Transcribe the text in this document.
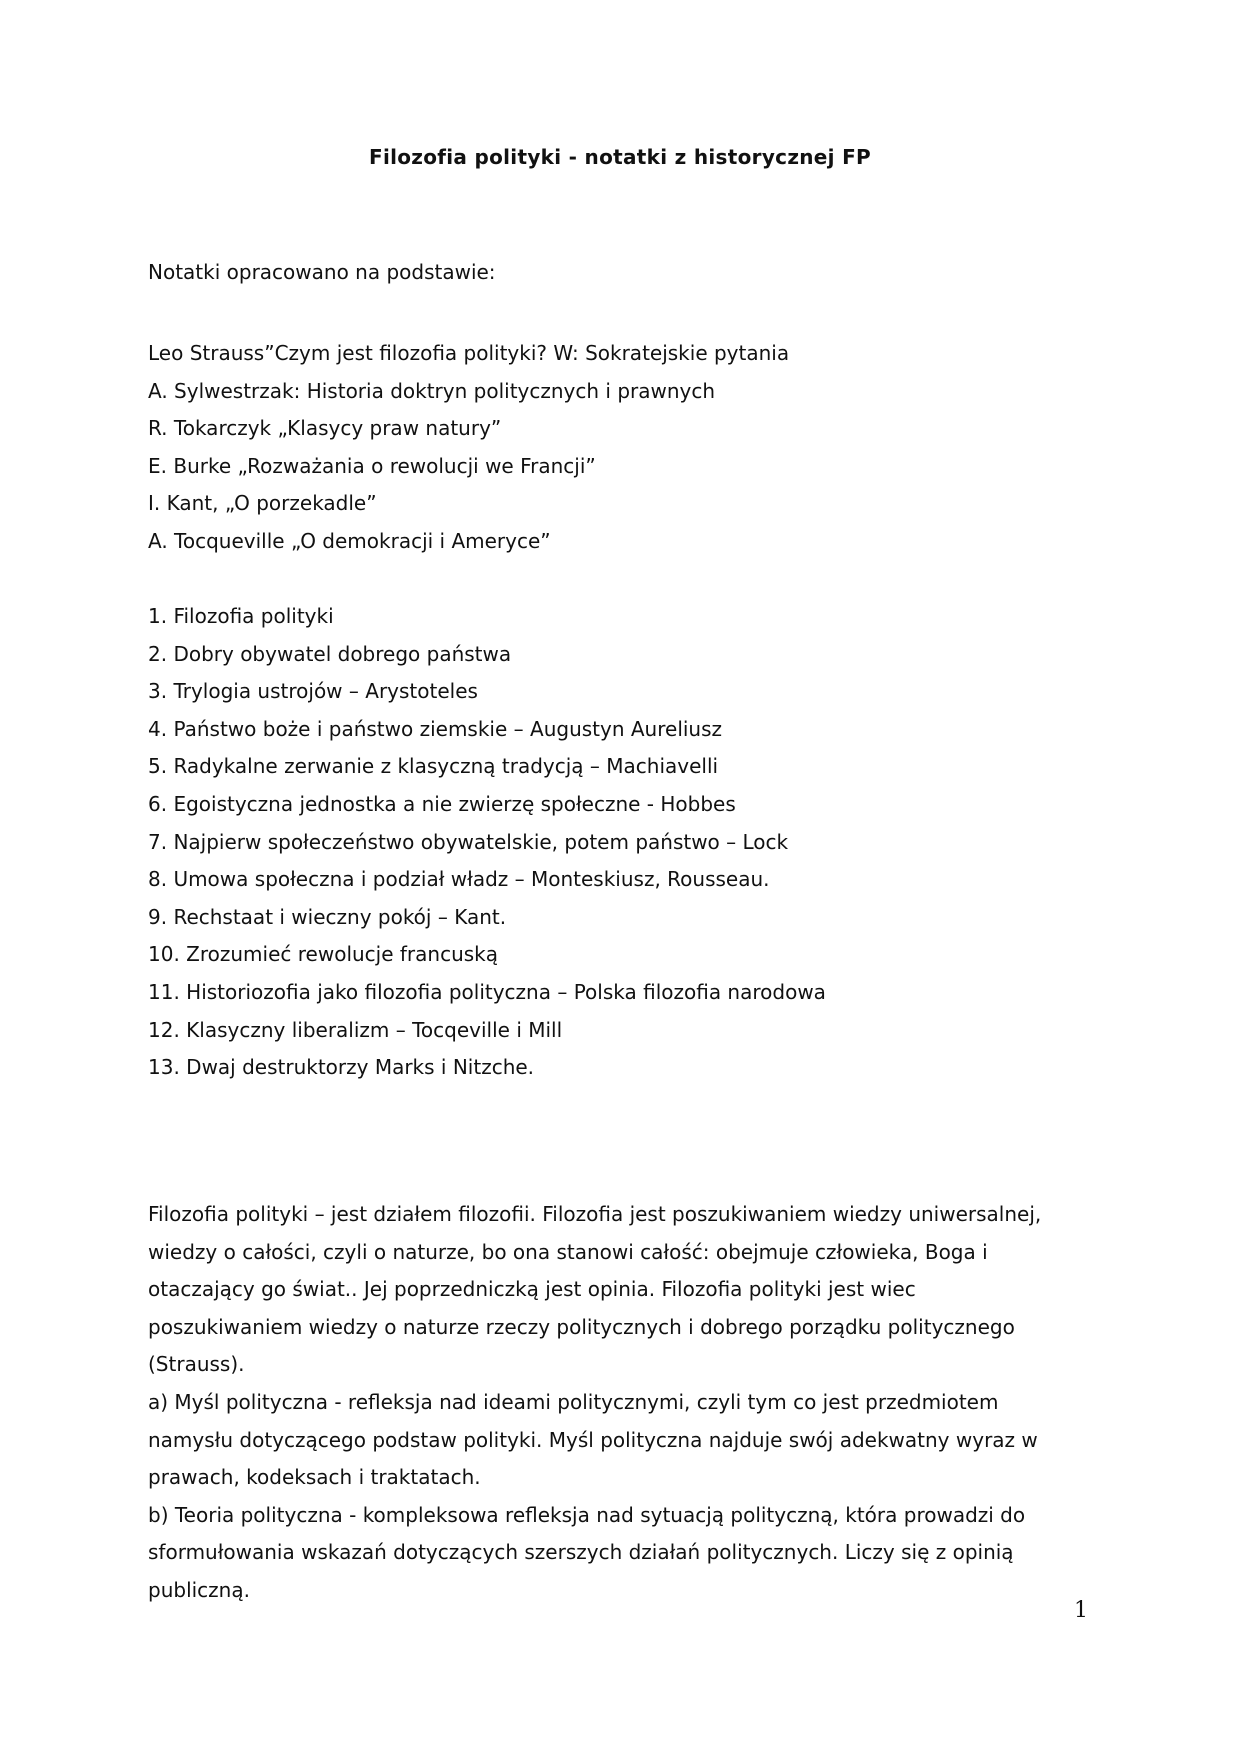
Filozofia polityki - notatki z historycznej FP
Notatki opracowano na podstawie:
Leo Strauss”Czym jest filozofia polityki? W: Sokratejskie pytania
A. Sylwestrzak: Historia doktryn politycznych i prawnych
R. Tokarczyk „Klasycy praw natury”
E. Burke „Rozważania o rewolucji we Francji”
I. Kant, „O porzekadle”
A. Tocqueville „O demokracji i Ameryce”
1. Filozofia polityki
2. Dobry obywatel dobrego państwa
3. Trylogia ustrojów – Arystoteles
4. Państwo boże i państwo ziemskie – Augustyn Aureliusz
5. Radykalne zerwanie z klasyczną tradycją – Machiavelli
6. Egoistyczna jednostka a nie zwierzę społeczne - Hobbes
7. Najpierw społeczeństwo obywatelskie, potem państwo – Lock
8. Umowa społeczna i podział władz – Monteskiusz, Rousseau.
9. Rechstaat i wieczny pokój – Kant.
10. Zrozumieć rewolucje francuską
11. Historiozofia jako filozofia polityczna – Polska filozofia narodowa
12. Klasyczny liberalizm – Tocqeville i Mill
13. Dwaj destruktorzy Marks i Nitzche.
Filozofia polityki – jest działem filozofii. Filozofia jest poszukiwaniem wiedzy uniwersalnej,
wiedzy o całości, czyli o naturze, bo ona stanowi całość: obejmuje człowieka, Boga i
otaczający go świat.. Jej poprzedniczką jest opinia. Filozofia polityki jest wiec
poszukiwaniem wiedzy o naturze rzeczy politycznych i dobrego porządku politycznego
(Strauss).
a) Myśl polityczna - refleksja nad ideami politycznymi, czyli tym co jest przedmiotem
namysłu dotyczącego podstaw polityki. Myśl polityczna najduje swój adekwatny wyraz w
prawach, kodeksach i traktatach.
b) Teoria polityczna - kompleksowa refleksja nad sytuacją polityczną, która prowadzi do
sformułowania wskazań dotyczących szerszych działań politycznych. Liczy się z opinią
publiczną.
1
